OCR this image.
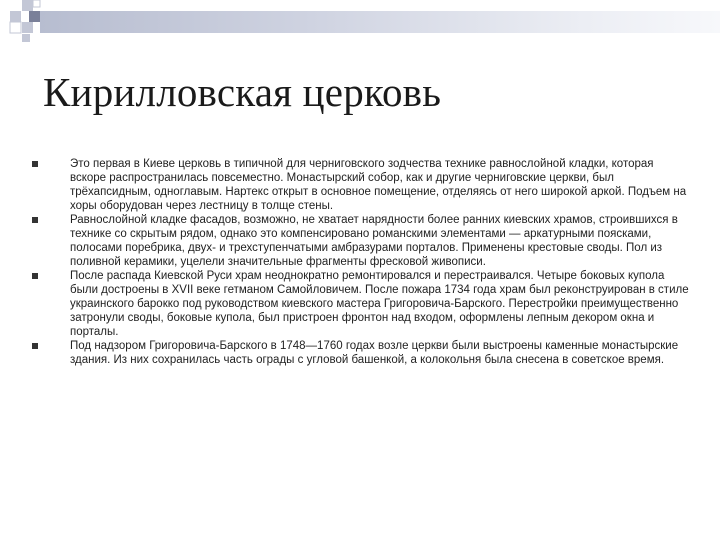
Кирилловская церковь
Это первая в Киеве церковь в типичной для черниговского зодчества технике равнослойной кладки, которая вскоре распространилась повсеместно. Монастырский собор, как и другие черниговские церкви, был трёхапсидным, одноглавым. Нартекс открыт в основное помещение, отделяясь от него широкой аркой. Подъем на хоры оборудован через лестницу в толще стены.
Равнослойной кладке фасадов, возможно, не хватает нарядности более ранних киевских храмов, строившихся в технике со скрытым рядом, однако это компенсировано романскими элементами — аркатурными поясками, полосами поребрика, двух- и трехступенчатыми амбразурами порталов. Применены крестовые своды. Пол из поливной керамики, уцелели значительные фрагменты фресковой живописи.
После распада Киевской Руси храм неоднократно ремонтировался и перестраивался. Четыре боковых купола были достроены в XVII веке гетманом Самойловичем. После пожара 1734 года храм был реконструирован в стиле украинского барокко под руководством киевского мастера Григоровича-Барского. Перестройки преимущественно затронули своды, боковые купола, был пристроен фронтон над входом, оформлены лепным декором окна и порталы.
Под надзором Григоровича-Барского в 1748—1760 годах возле церкви были выстроены каменные монастырские здания. Из них сохранилась часть ограды с угловой башенкой, а колокольня была снесена в советское время.
